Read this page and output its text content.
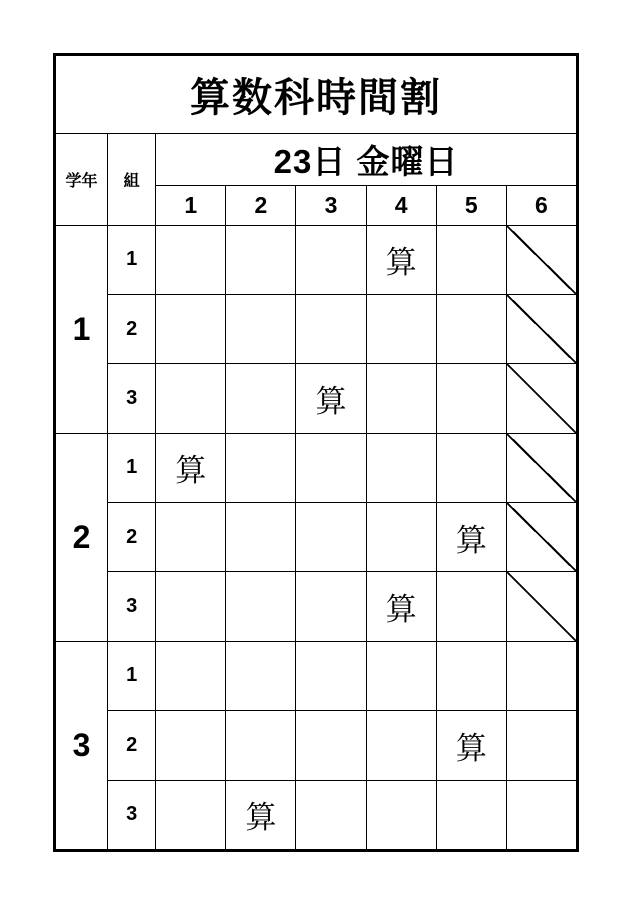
算数科時間割							
学年	組	23日 金曜日					
		1	2	3	4	5	6
1	1				算		
	2						
	3			算			
2	1	算					
	2					算	
	3				算		
3	1						
	2					算	
	3		算				
